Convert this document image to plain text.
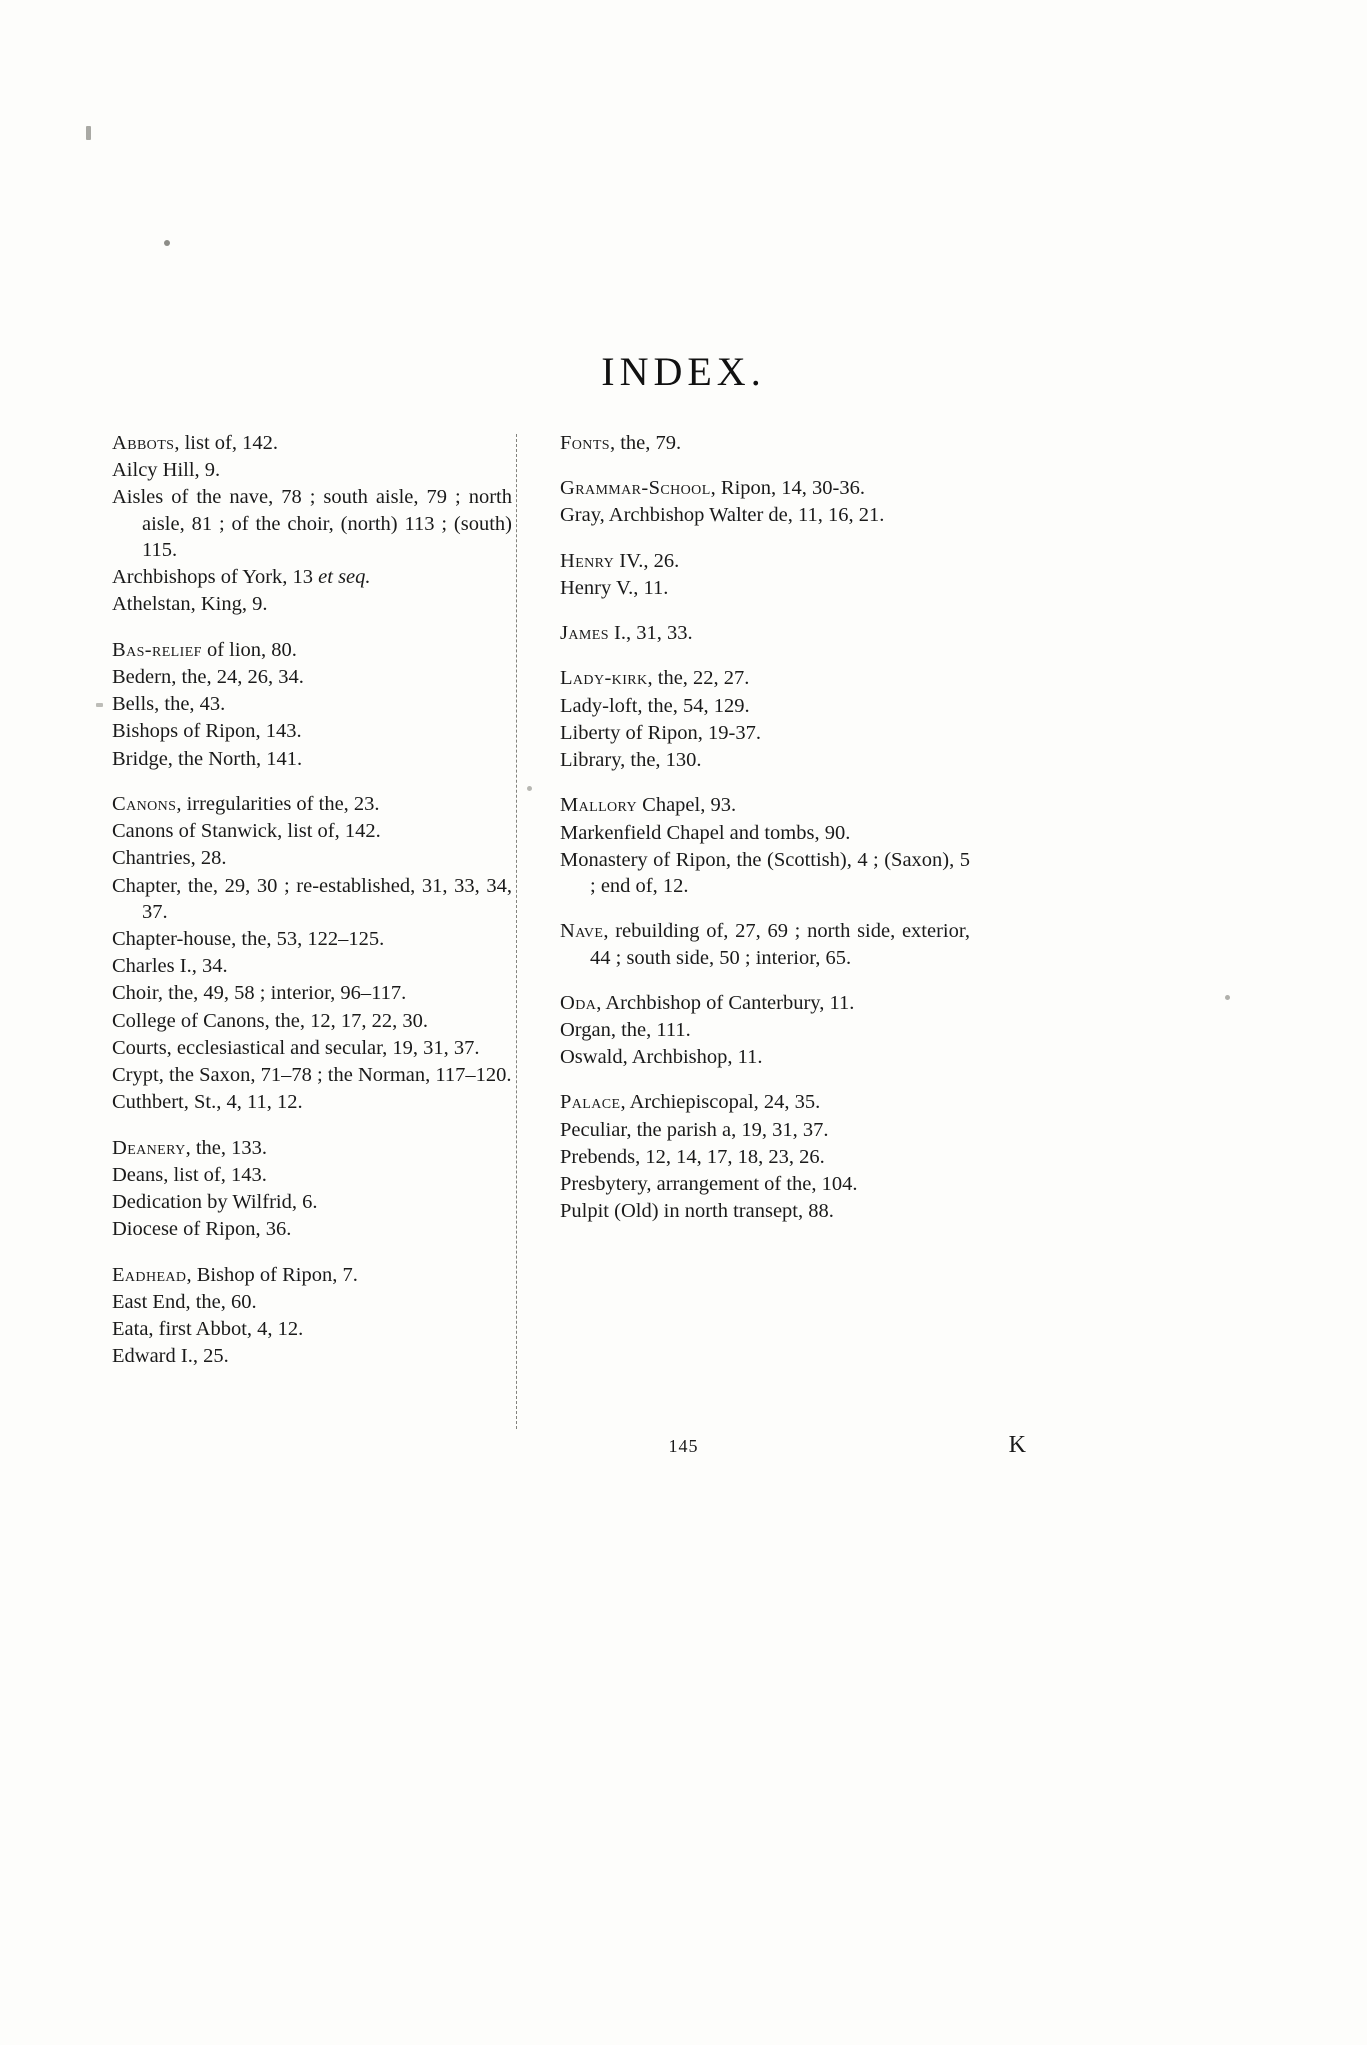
INDEX.
Abbots, list of, 142.
Ailcy Hill, 9.
Aisles of the nave, 78 ; south aisle, 79 ; north aisle, 81 ; of the choir, (north) 113 ; (south) 115.
Archbishops of York, 13 et seq.
Athelstan, King, 9.
Bas-relief of lion, 80.
Bedern, the, 24, 26, 34.
Bells, the, 43.
Bishops of Ripon, 143.
Bridge, the North, 141.
Canons, irregularities of the, 23.
Canons of Stanwick, list of, 142.
Chantries, 28.
Chapter, the, 29, 30 ; re-established, 31, 33, 34, 37.
Chapter-house, the, 53, 122–125.
Charles I., 34.
Choir, the, 49, 58 ; interior, 96–117.
College of Canons, the, 12, 17, 22, 30.
Courts, ecclesiastical and secular, 19, 31, 37.
Crypt, the Saxon, 71–78 ; the Norman, 117–120.
Cuthbert, St., 4, 11, 12.
Deanery, the, 133.
Deans, list of, 143.
Dedication by Wilfrid, 6.
Diocese of Ripon, 36.
Eadhead, Bishop of Ripon, 7.
East End, the, 60.
Eata, first Abbot, 4, 12.
Edward I., 25.
Fonts, the, 79.
Grammar-School, Ripon, 14, 30-36.
Gray, Archbishop Walter de, 11, 16, 21.
Henry IV., 26.
Henry V., 11.
James I., 31, 33.
Lady-kirk, the, 22, 27.
Lady-loft, the, 54, 129.
Liberty of Ripon, 19-37.
Library, the, 130.
Mallory Chapel, 93.
Markenfield Chapel and tombs, 90.
Monastery of Ripon, the (Scottish), 4 ; (Saxon), 5 ; end of, 12.
Nave, rebuilding of, 27, 69 ; north side, exterior, 44 ; south side, 50 ; interior, 65.
Oda, Archbishop of Canterbury, 11.
Organ, the, 111.
Oswald, Archbishop, 11.
Palace, Archiepiscopal, 24, 35.
Peculiar, the parish a, 19, 31, 37.
Prebends, 12, 14, 17, 18, 23, 26.
Presbytery, arrangement of the, 104.
Pulpit (Old) in north transept, 88.
145	K
